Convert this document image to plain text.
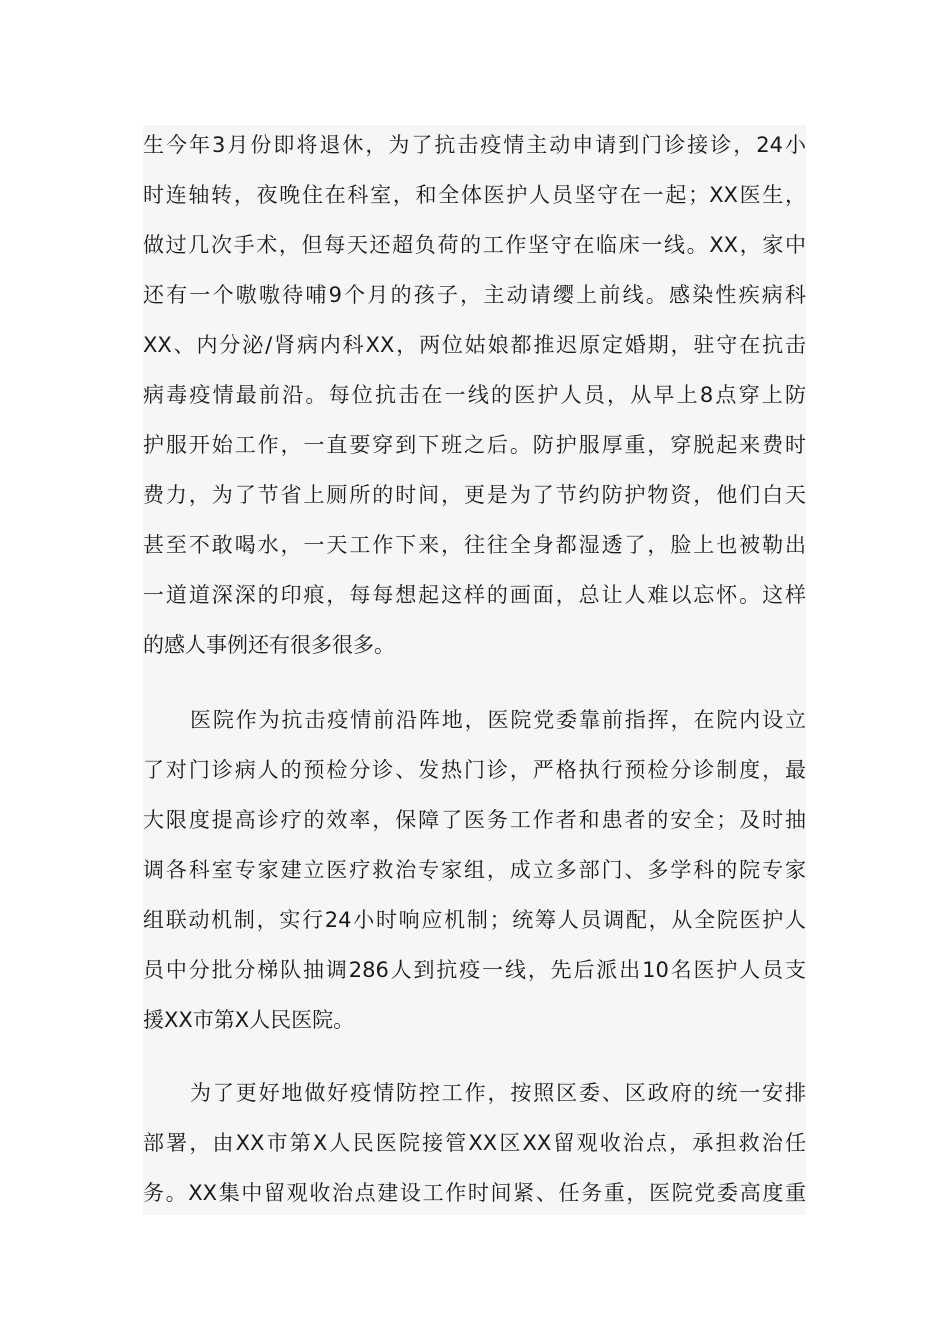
生今年3月份即将退休，为了抗击疫情主动申请到门诊接诊，24小
时连轴转，夜晚住在科室，和全体医护人员坚守在一起；XX医生，
做过几次手术，但每天还超负荷的工作坚守在临床一线。XX，家中
还有一个嗷嗷待哺9个月的孩子，主动请缨上前线。感染性疾病科
XX、内分泌/肾病内科XX，两位姑娘都推迟原定婚期，驻守在抗击
病毒疫情最前沿。每位抗击在一线的医护人员，从早上8点穿上防
护服开始工作，一直要穿到下班之后。防护服厚重，穿脱起来费时
费力，为了节省上厕所的时间，更是为了节约防护物资，他们白天
甚至不敢喝水，一天工作下来，往往全身都湿透了，脸上也被勒出
一道道深深的印痕，每每想起这样的画面，总让人难以忘怀。这样
的感人事例还有很多很多。
医院作为抗击疫情前沿阵地，医院党委靠前指挥，在院内设立
了对门诊病人的预检分诊、发热门诊，严格执行预检分诊制度，最
大限度提高诊疗的效率，保障了医务工作者和患者的安全；及时抽
调各科室专家建立医疗救治专家组，成立多部门、多学科的院专家
组联动机制，实行24小时响应机制；统筹人员调配，从全院医护人
员中分批分梯队抽调286人到抗疫一线，先后派出10名医护人员支
援XX市第X人民医院。
为了更好地做好疫情防控工作，按照区委、区政府的统一安排
部署，由XX市第X人民医院接管XX区XX留观收治点，承担救治任
务。XX集中留观收治点建设工作时间紧、任务重，医院党委高度重
